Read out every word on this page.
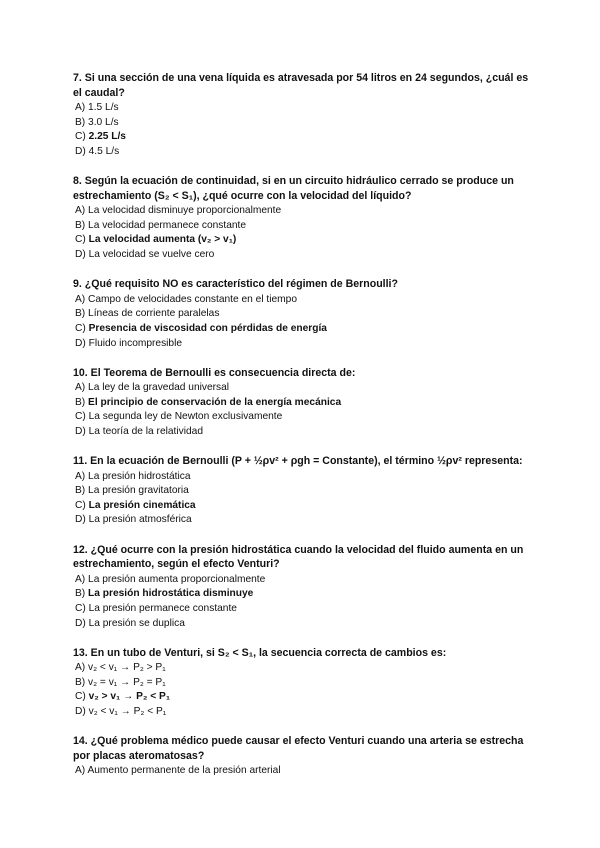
7. Si una sección de una vena líquida es atravesada por 54 litros en 24 segundos, ¿cuál es el caudal?
A) 1.5 L/s
B) 3.0 L/s
C) 2.25 L/s
D) 4.5 L/s
8. Según la ecuación de continuidad, si en un circuito hidráulico cerrado se produce un estrechamiento (S₂ < S₁), ¿qué ocurre con la velocidad del líquido?
A) La velocidad disminuye proporcionalmente
B) La velocidad permanece constante
C) La velocidad aumenta (v₂ > v₁)
D) La velocidad se vuelve cero
9. ¿Qué requisito NO es característico del régimen de Bernoulli?
A) Campo de velocidades constante en el tiempo
B) Líneas de corriente paralelas
C) Presencia de viscosidad con pérdidas de energía
D) Fluido incompresible
10. El Teorema de Bernoulli es consecuencia directa de:
A) La ley de la gravedad universal
B) El principio de conservación de la energía mecánica
C) La segunda ley de Newton exclusivamente
D) La teoría de la relatividad
11. En la ecuación de Bernoulli (P + ½ρv² + ρgh = Constante), el término ½ρv² representa:
A) La presión hidrostática
B) La presión gravitatoria
C) La presión cinemática
D) La presión atmosférica
12. ¿Qué ocurre con la presión hidrostática cuando la velocidad del fluido aumenta en un estrechamiento, según el efecto Venturi?
A) La presión aumenta proporcionalmente
B) La presión hidrostática disminuye
C) La presión permanece constante
D) La presión se duplica
13. En un tubo de Venturi, si S₂ < S₁, la secuencia correcta de cambios es:
A) v₂ < v₁ → P₂ > P₁
B) v₂ = v₁ → P₂ = P₁
C) v₂ > v₁ → P₂ < P₁
D) v₂ < v₁ → P₂ < P₁
14. ¿Qué problema médico puede causar el efecto Venturi cuando una arteria se estrecha por placas ateromatosas?
A) Aumento permanente de la presión arterial
